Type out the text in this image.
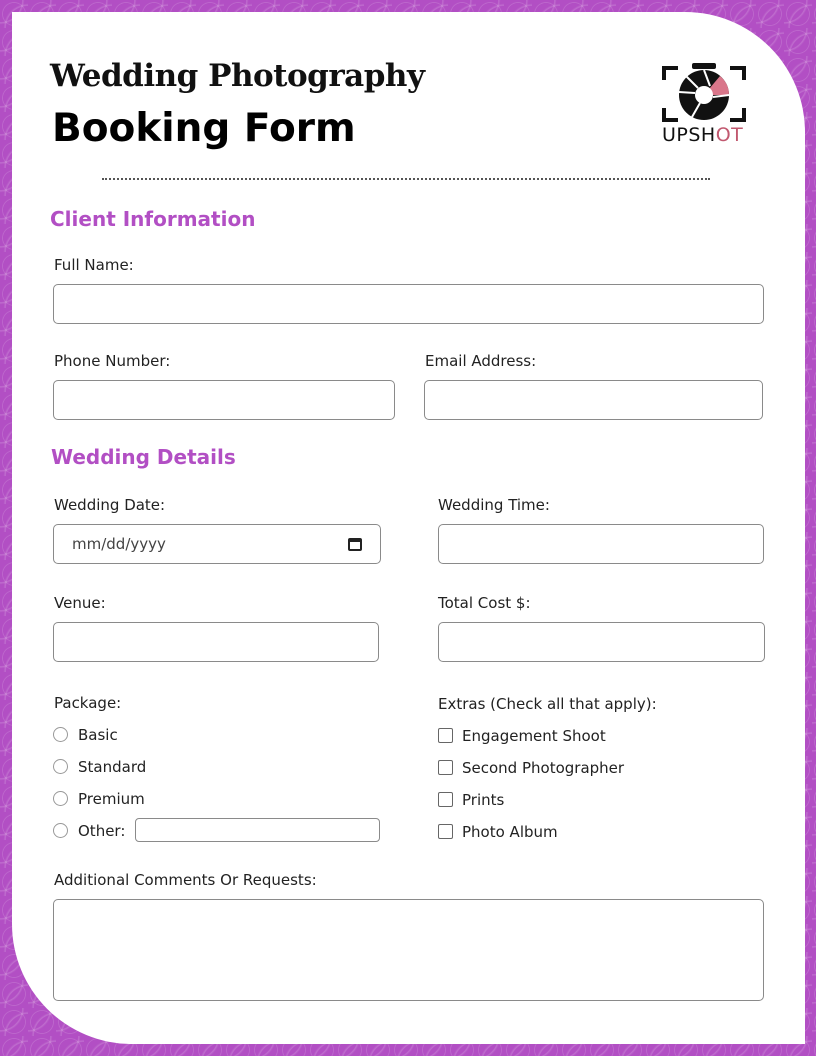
Wedding Photography
Booking Form	UPSHOT
Client Information

Full Name:

Phone Number:	Email Address:

Wedding Details

Wedding Date:

mm/dd/yyyy

Wedding Time:

Venue:	Total Cost $:

Package:

Basic

Standard

Premium

Other:

Extras (Check all that apply):

Engagement Shoot

Second Photographer

Prints

Photo Album

Additional Comments Or Requests:
